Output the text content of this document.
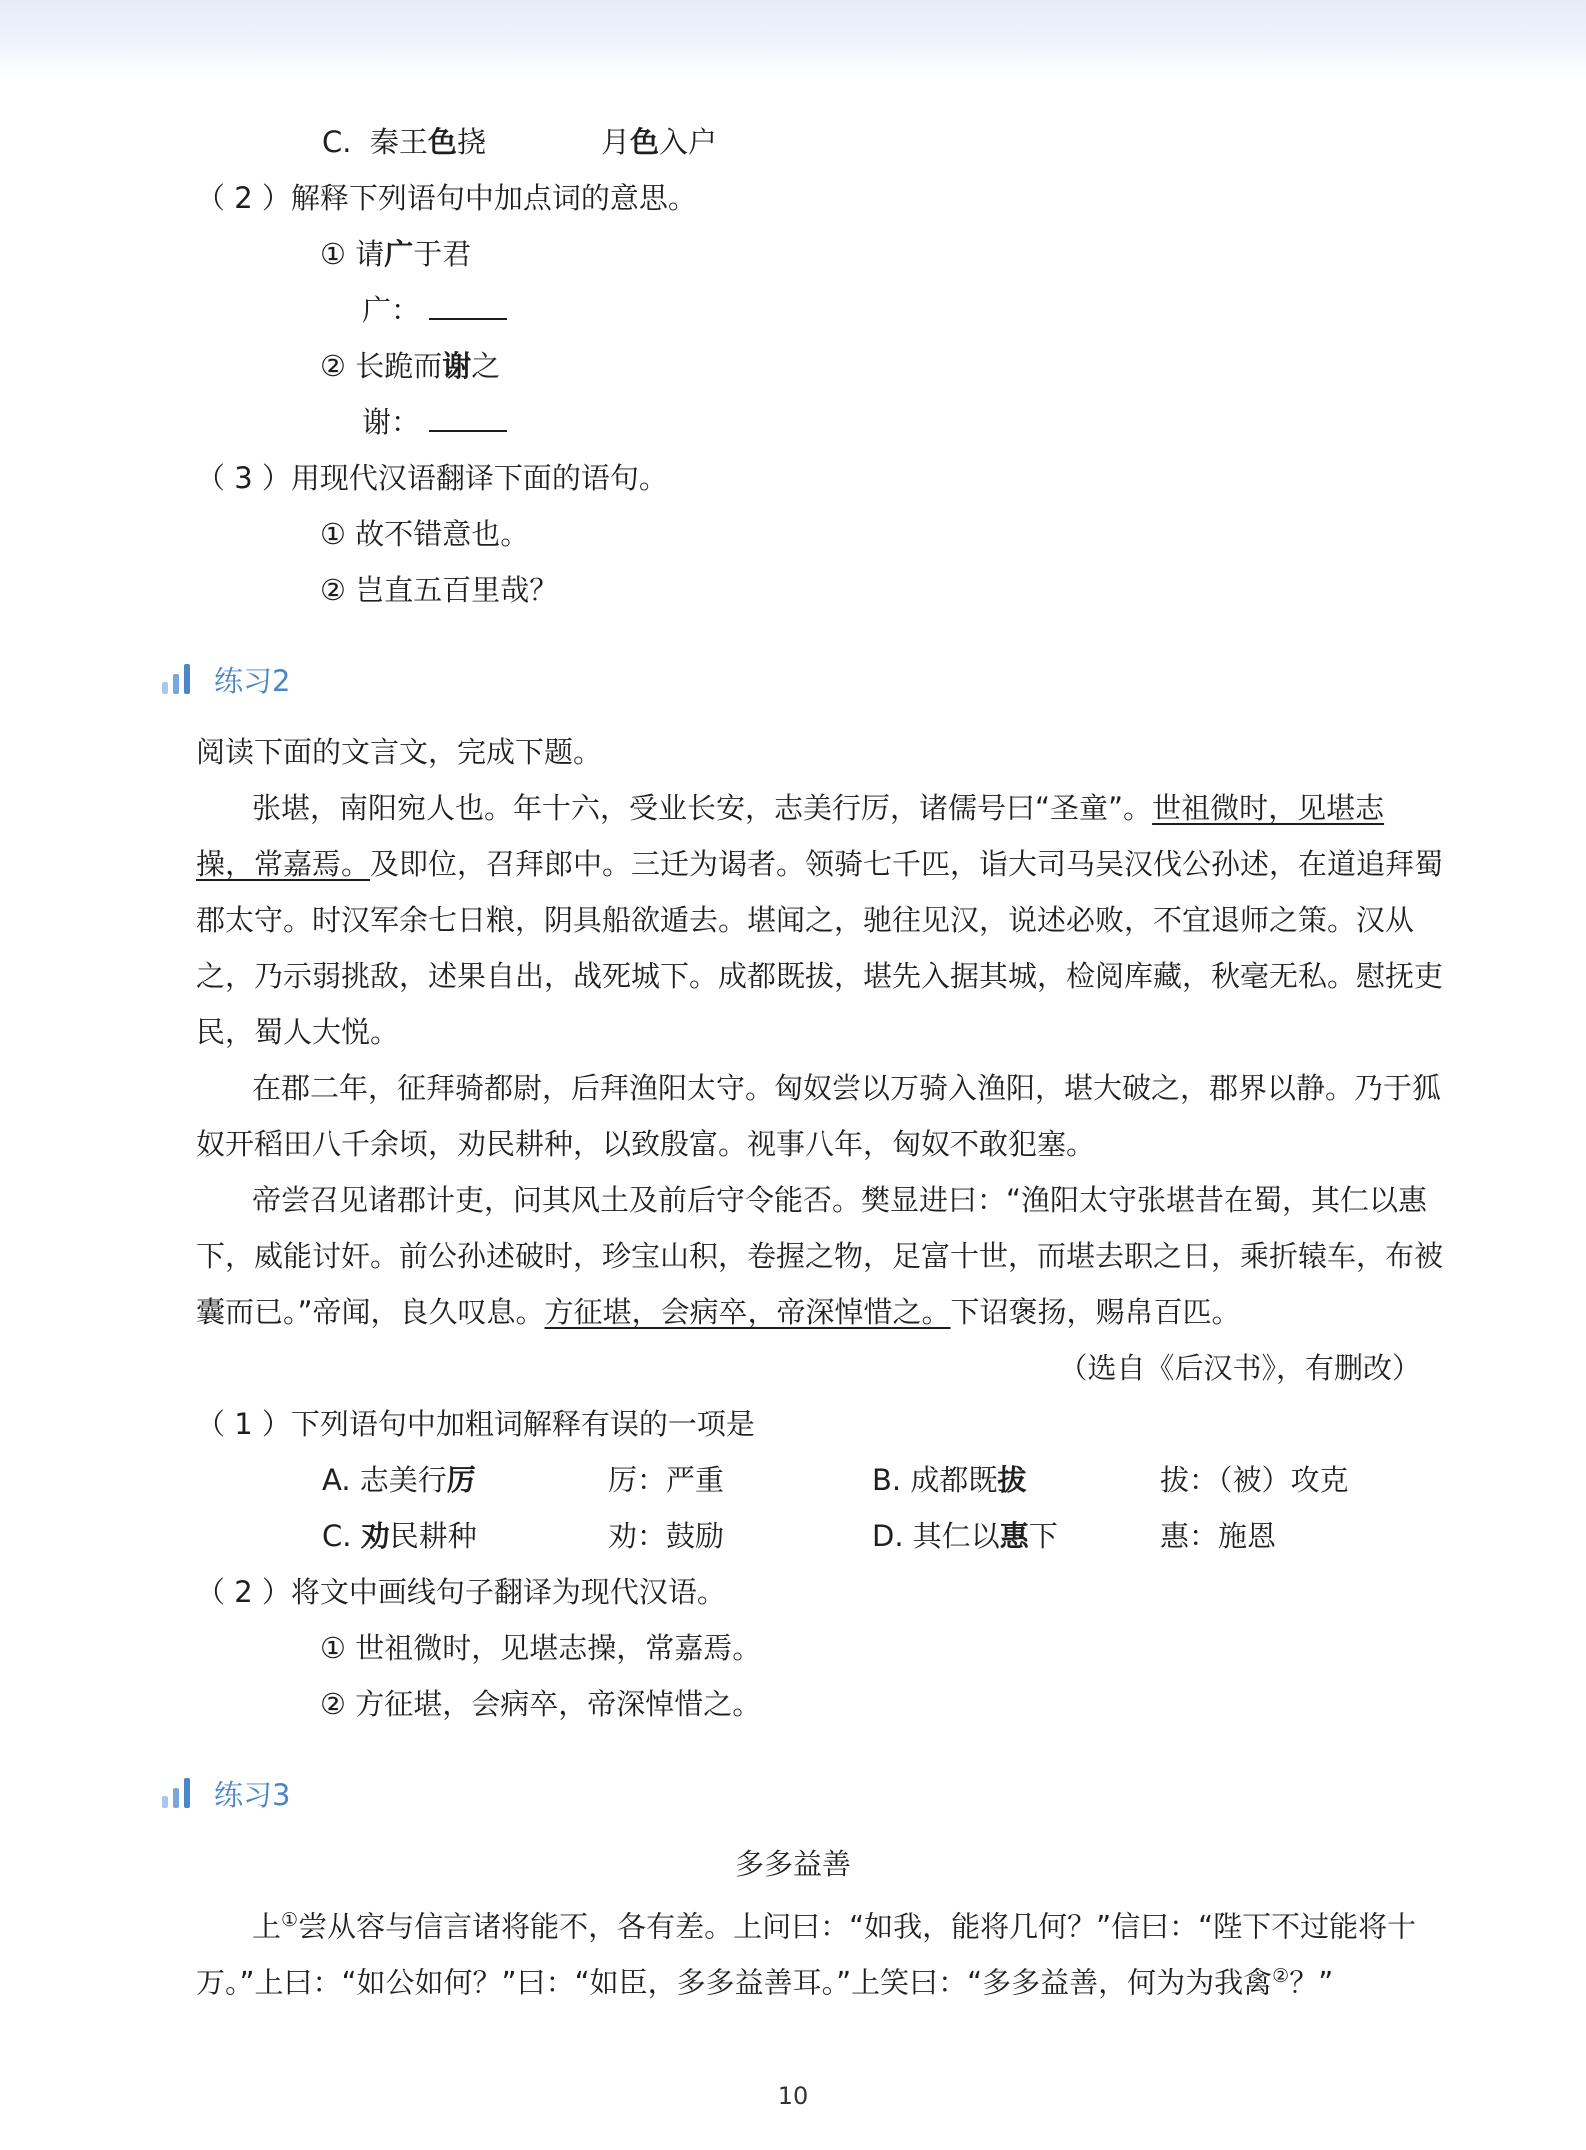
C. 秦王色挠	月色入户
（ 2 ）解释下列语句中加点词的意思。
① 请广于君
广：
② 长跪而谢之
谢：
（ 3 ）用现代汉语翻译下面的语句。
① 故不错意也。
② 岂直五百里哉？
练习2
阅读下面的文言文，完成下题。
张堪，南阳宛人也。年十六，受业长安，志美行厉，诸儒号曰“圣童”。世祖微时，见堪志
操，常嘉焉。及即位，召拜郎中。三迁为谒者。领骑七千匹，诣大司马吴汉伐公孙述，在道追拜蜀
郡太守。时汉军余七日粮，阴具船欲遁去。堪闻之，驰往见汉，说述必败，不宜退师之策。汉从
之，乃示弱挑敌，述果自出，战死城下。成都既拔，堪先入据其城，检阅库藏，秋毫无私。慰抚吏
民，蜀人大悦。
在郡二年，征拜骑都尉，后拜渔阳太守。匈奴尝以万骑入渔阳，堪大破之，郡界以静。乃于狐
奴开稻田八千余顷，劝民耕种，以致殷富。视事八年，匈奴不敢犯塞。
帝尝召见诸郡计吏，问其风土及前后守令能否。樊显进曰：“渔阳太守张堪昔在蜀，其仁以惠
下，威能讨奸。前公孙述破时，珍宝山积，卷握之物，足富十世，而堪去职之日，乘折辕车，布被
囊而已。”帝闻，良久叹息。方征堪，会病卒，帝深悼惜之。下诏褒扬，赐帛百匹。
（选自《后汉书》，有删改）
（ 1 ）下列语句中加粗词解释有误的一项是
A. 志美行厉	厉：严重	B. 成都既拔	拔：（被）攻克
C. 劝民耕种	劝：鼓励	D. 其仁以惠下	惠：施恩
（ 2 ）将文中画线句子翻译为现代汉语。
① 世祖微时，见堪志操，常嘉焉。
② 方征堪，会病卒，帝深悼惜之。
练习3
多多益善
上①尝从容与信言诸将能不，各有差。上问曰：“如我，能将几何？”信曰：“陛下不过能将十
万。”上曰：“如公如何？”曰：“如臣，多多益善耳。”上笑曰：“多多益善，何为为我禽②？”
10
